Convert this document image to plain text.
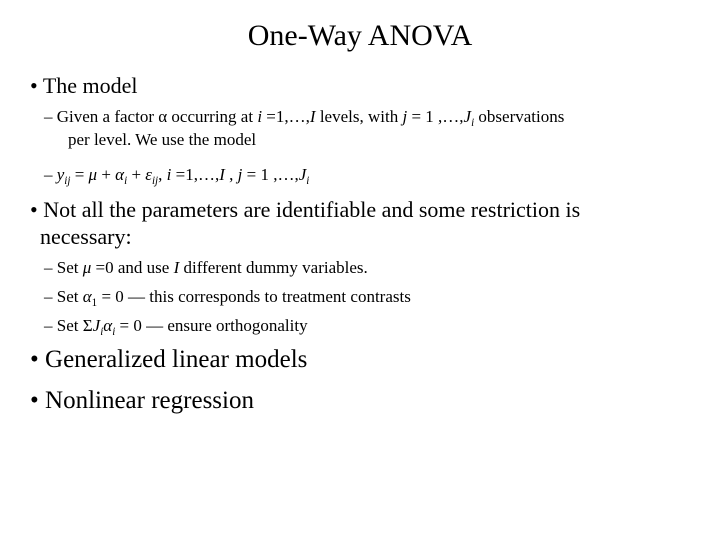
One-Way ANOVA
• The model
– Given a factor α occurring at i =1,…,I levels, with j = 1 $,\dots,J_i$ observations
per level. We use the model
– $y_{ij} = \mu + \alpha_i + \varepsilon_{ij}$, i =1,…,I , j = 1 $,\dots,J_i$
• Not all the parameters are identifiable and some restriction is
necessary:
– Set μ =0 and use I different dummy variables.
– Set $\alpha_1 = 0$ — this corresponds to treatment contrasts
– Set $\Sigma J_i\alpha_i = 0$ — ensure orthogonality
• Generalized linear models
• Nonlinear regression
